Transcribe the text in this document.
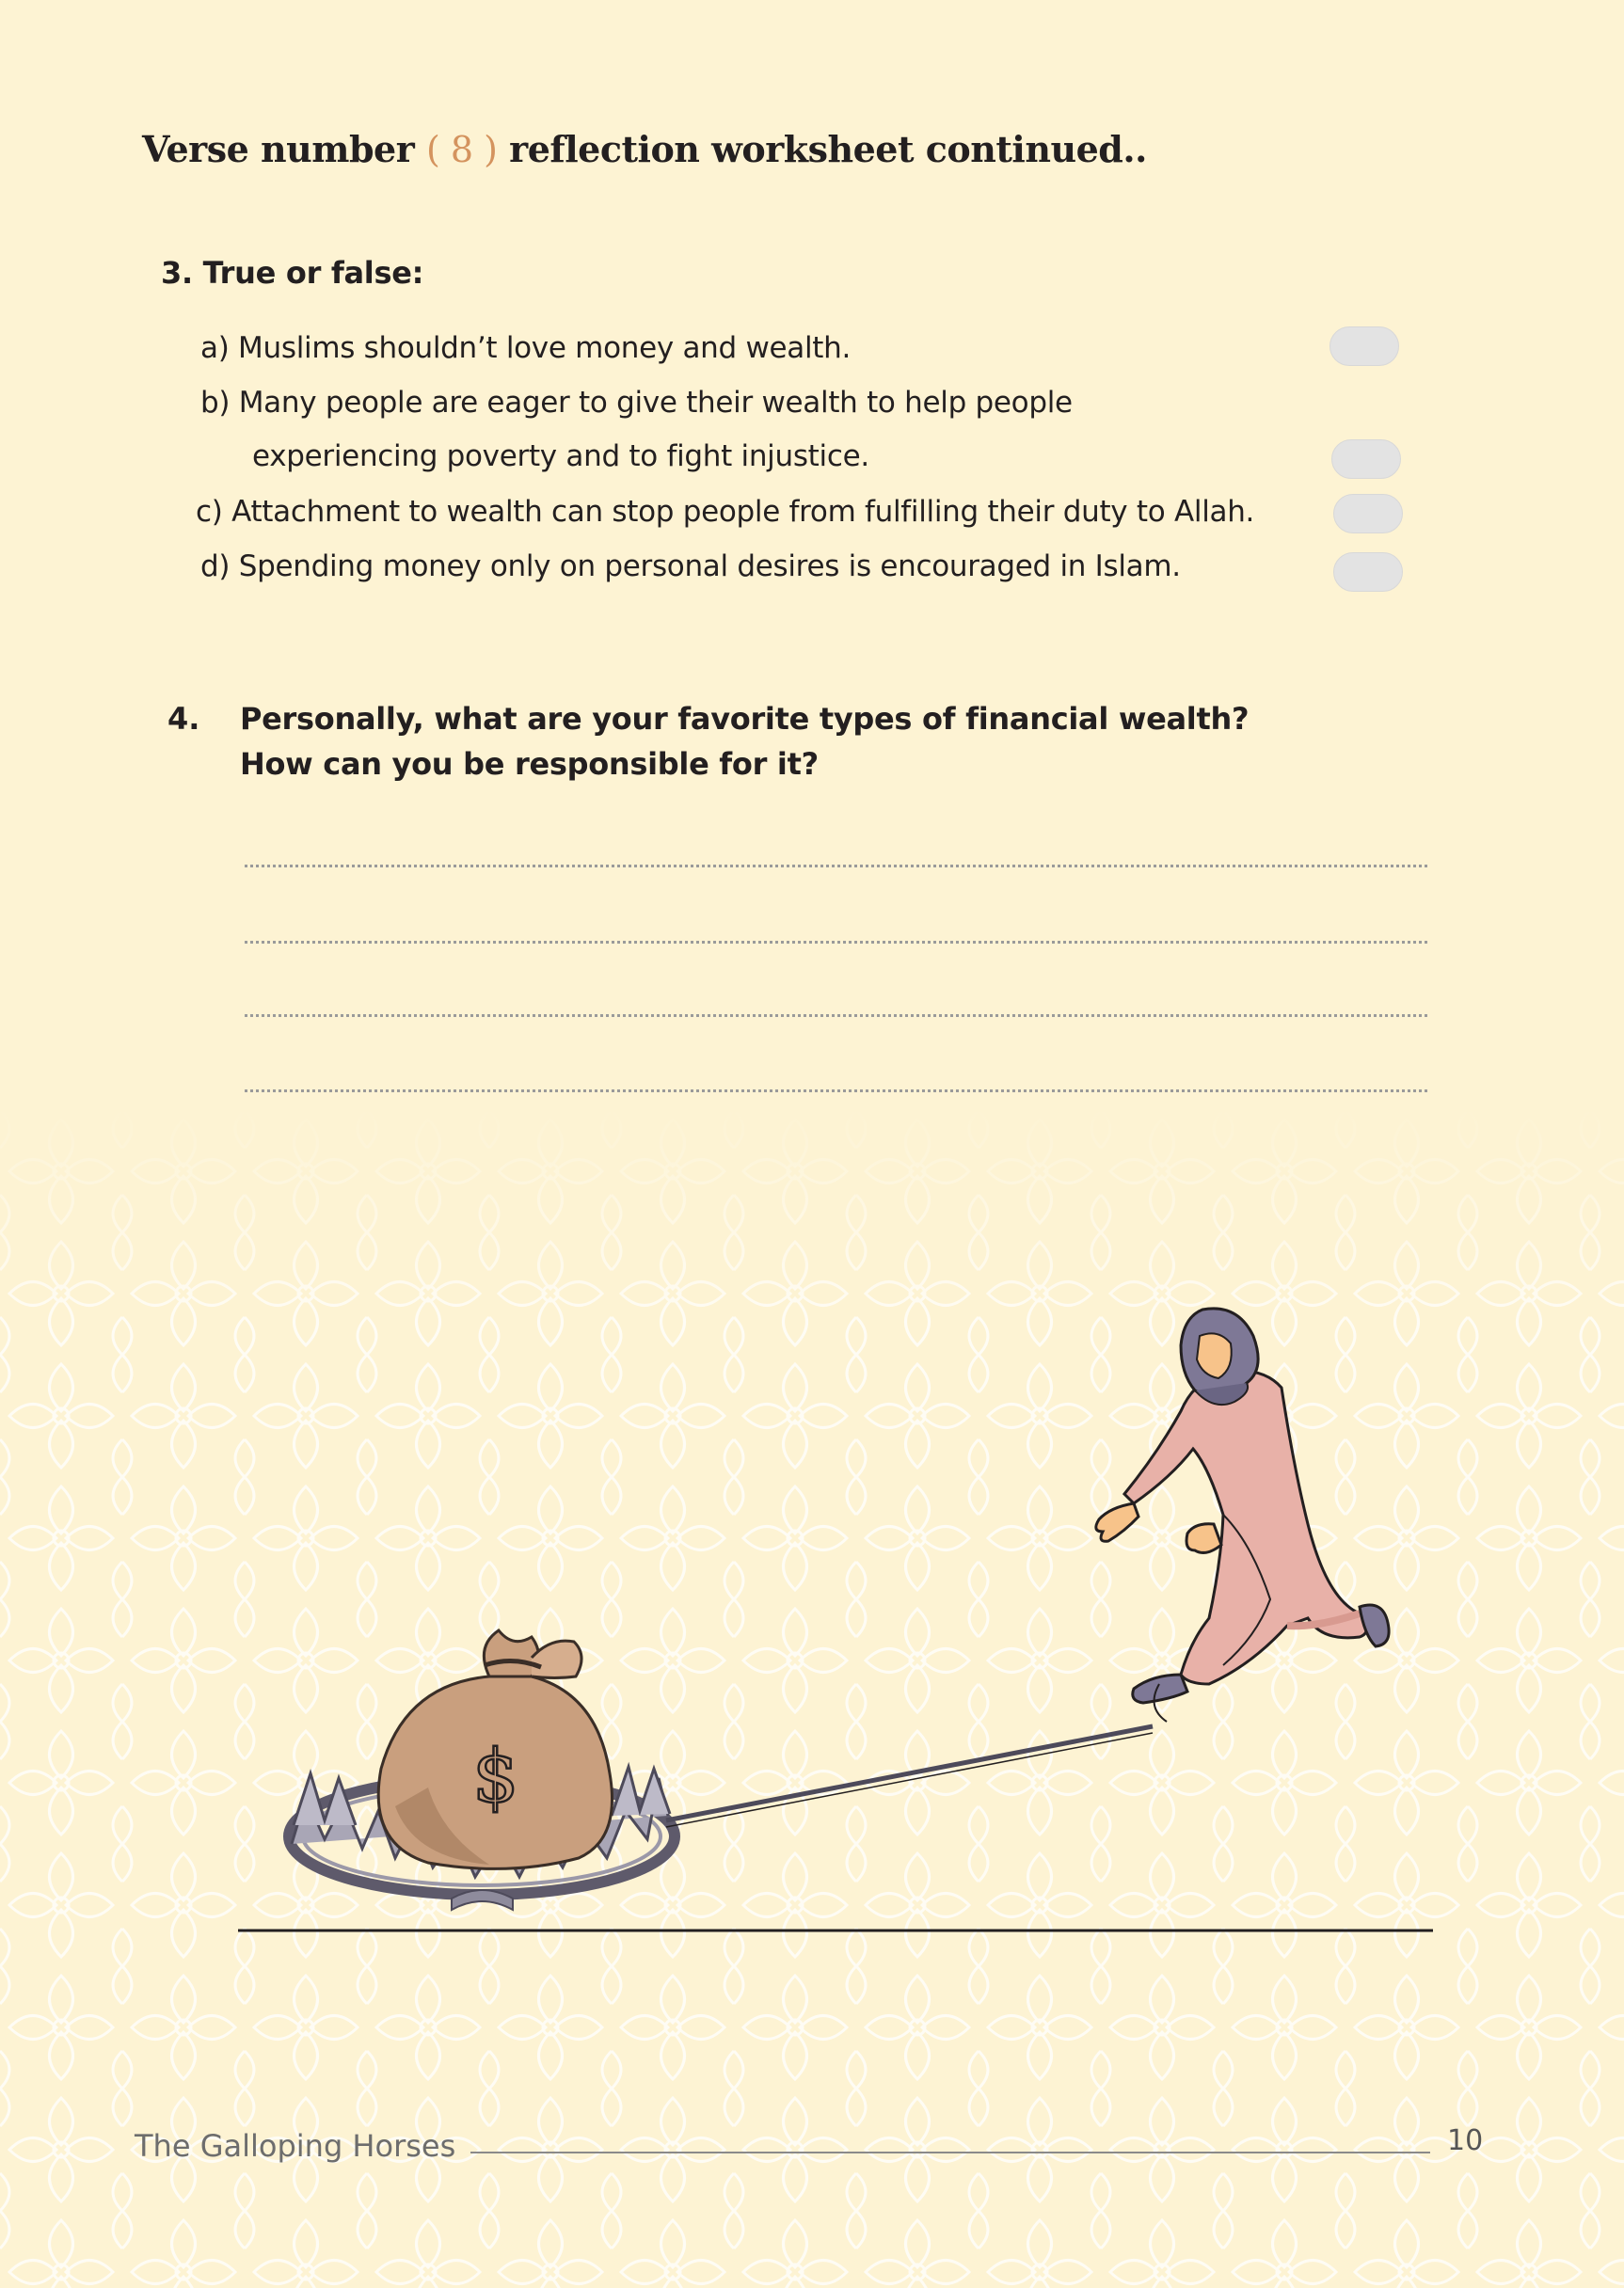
Verse number ( 8 ) reflection worksheet continued..
3. True or false:
a) Muslims shouldn’t love money and wealth.
b) Many people are eager to give their wealth to help people
experiencing poverty and to fight injustice.
c) Attachment to wealth can stop people from fulfilling their duty to Allah.
d) Spending money only on personal desires is encouraged in Islam.
4. Personally, what are your favorite types of financial wealth?
How can you be responsible for it?
$
The Galloping Horses	10
